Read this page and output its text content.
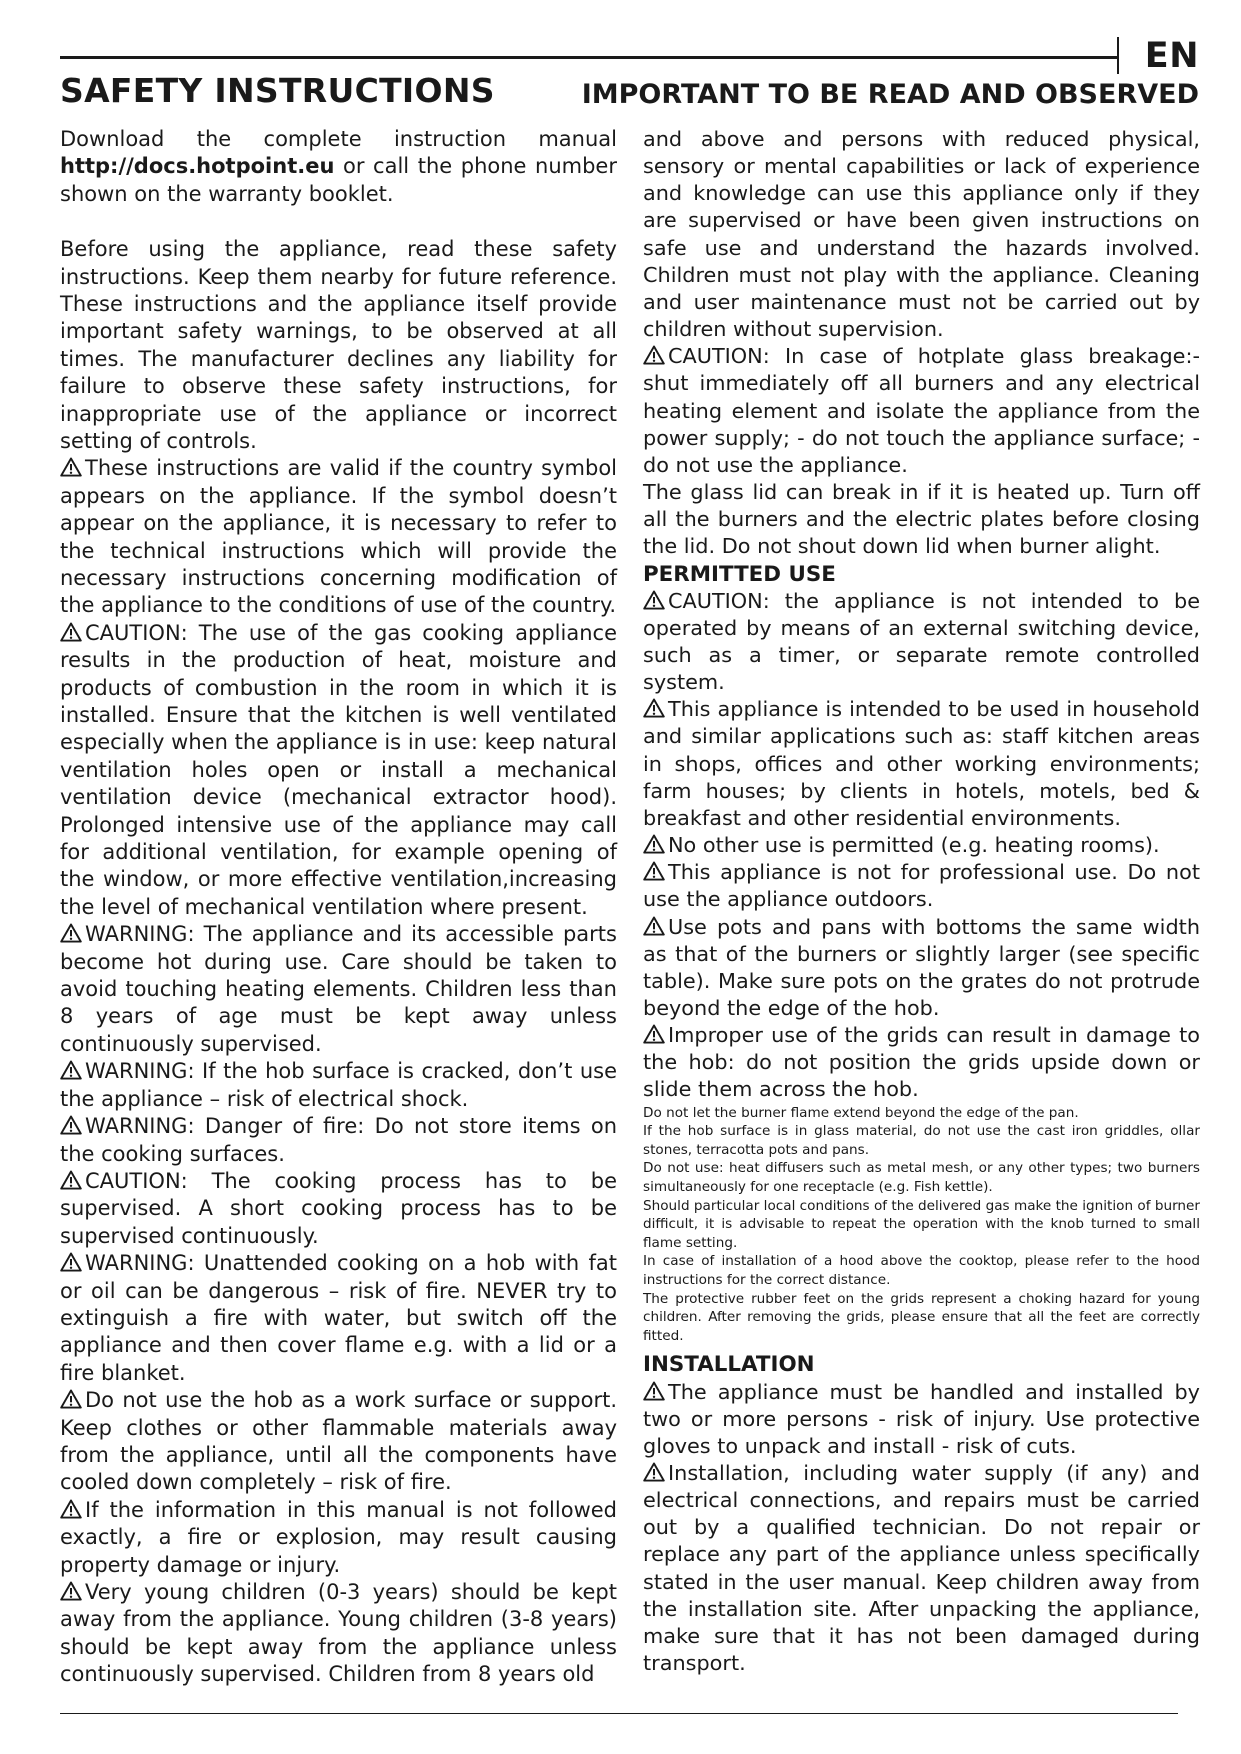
EN
SAFETY INSTRUCTIONS	IMPORTANT TO BE READ AND OBSERVED

Download the complete instruction manual http://docs.hotpoint.eu or call the phone number shown on the warranty booklet.

Before using the appliance, read these safety instructions. Keep them nearby for future reference. These instructions and the appliance itself provide important safety warnings, to be observed at all times. The manufacturer declines any liability for failure to observe these safety instructions, for inappropriate use of the appliance or incorrect setting of controls.

These instructions are valid if the country symbol appears on the appliance. If the symbol doesn’t appear on the appliance, it is necessary to refer to the technical instructions which will provide the necessary instructions concerning modification of the appliance to the conditions of use of the country.

CAUTION: The use of the gas cooking appliance results in the production of heat, moisture and products of combustion in the room in which it is installed. Ensure that the kitchen is well ventilated especially when the appliance is in use: keep natural ventilation holes open or install a mechanical ventilation device (mechanical extractor hood). Prolonged intensive use of the appliance may call for additional ventilation, for example opening of the window, or more effective ventilation,increasing the level of mechanical ventilation where present.

WARNING: The appliance and its accessible parts become hot during use. Care should be taken to avoid touching heating elements. Children less than 8 years of age must be kept away unless continuously supervised.

WARNING: If the hob surface is cracked, don’t use the appliance – risk of electrical shock.

WARNING: Danger of fire: Do not store items on the cooking surfaces.

CAUTION: The cooking process has to be supervised. A short cooking process has to be supervised continuously.

WARNING: Unattended cooking on a hob with fat or oil can be dangerous – risk of fire. NEVER try to extinguish a fire with water, but switch off the appliance and then cover flame e.g. with a lid or a fire blanket.

Do not use the hob as a work surface or support. Keep clothes or other flammable materials away from the appliance, until all the components have cooled down completely – risk of fire.

If the information in this manual is not followed exactly, a fire or explosion, may result causing property damage or injury.

Very young children (0-3 years) should be kept away from the appliance. Young children (3-8 years) should be kept away from the appliance unless continuously supervised. Children from 8 years old

and above and persons with reduced physical, sensory or mental capabilities or lack of experience and knowledge can use this appliance only if they are supervised or have been given instructions on safe use and understand the hazards involved. Children must not play with the appliance. Cleaning and user maintenance must not be carried out by children without supervision.

CAUTION: In case of hotplate glass breakage:- shut immediately off all burners and any electrical heating element and isolate the appliance from the power supply; - do not touch the appliance surface; -do not use the appliance.

The glass lid can break in if it is heated up. Turn off all the burners and the electric plates before closing the lid. Do not shout down lid when burner alight.

PERMITTED USE

CAUTION: the appliance is not intended to be operated by means of an external switching device, such as a timer, or separate remote controlled system.

This appliance is intended to be used in household and similar applications such as: staff kitchen areas in shops, offices and other working environments; farm houses; by clients in hotels, motels, bed & breakfast and other residential environments.

No other use is permitted (e.g. heating rooms).

This appliance is not for professional use. Do not use the appliance outdoors.

Use pots and pans with bottoms the same width as that of the burners or slightly larger (see specific table). Make sure pots on the grates do not protrude beyond the edge of the hob.

Improper use of the grids can result in damage to the hob: do not position the grids upside down or slide them across the hob.

Do not let the burner flame extend beyond the edge of the pan.

If the hob surface is in glass material, do not use the cast iron griddles, ollar stones, terracotta pots and pans.

Do not use: heat diffusers such as metal mesh, or any other types; two burners simultaneously for one receptacle (e.g. Fish kettle).

Should particular local conditions of the delivered gas make the ignition of burner difficult, it is advisable to repeat the operation with the knob turned to small flame setting.

In case of installation of a hood above the cooktop, please refer to the hood instructions for the correct distance.

The protective rubber feet on the grids represent a choking hazard for young children. After removing the grids, please ensure that all the feet are correctly fitted.

INSTALLATION

The appliance must be handled and installed by two or more persons - risk of injury. Use protective gloves to unpack and install - risk of cuts.

Installation, including water supply (if any) and electrical connections, and repairs must be carried out by a qualified technician. Do not repair or replace any part of the appliance unless specifically stated in the user manual. Keep children away from the installation site. After unpacking the appliance, make sure that it has not been damaged during transport.
